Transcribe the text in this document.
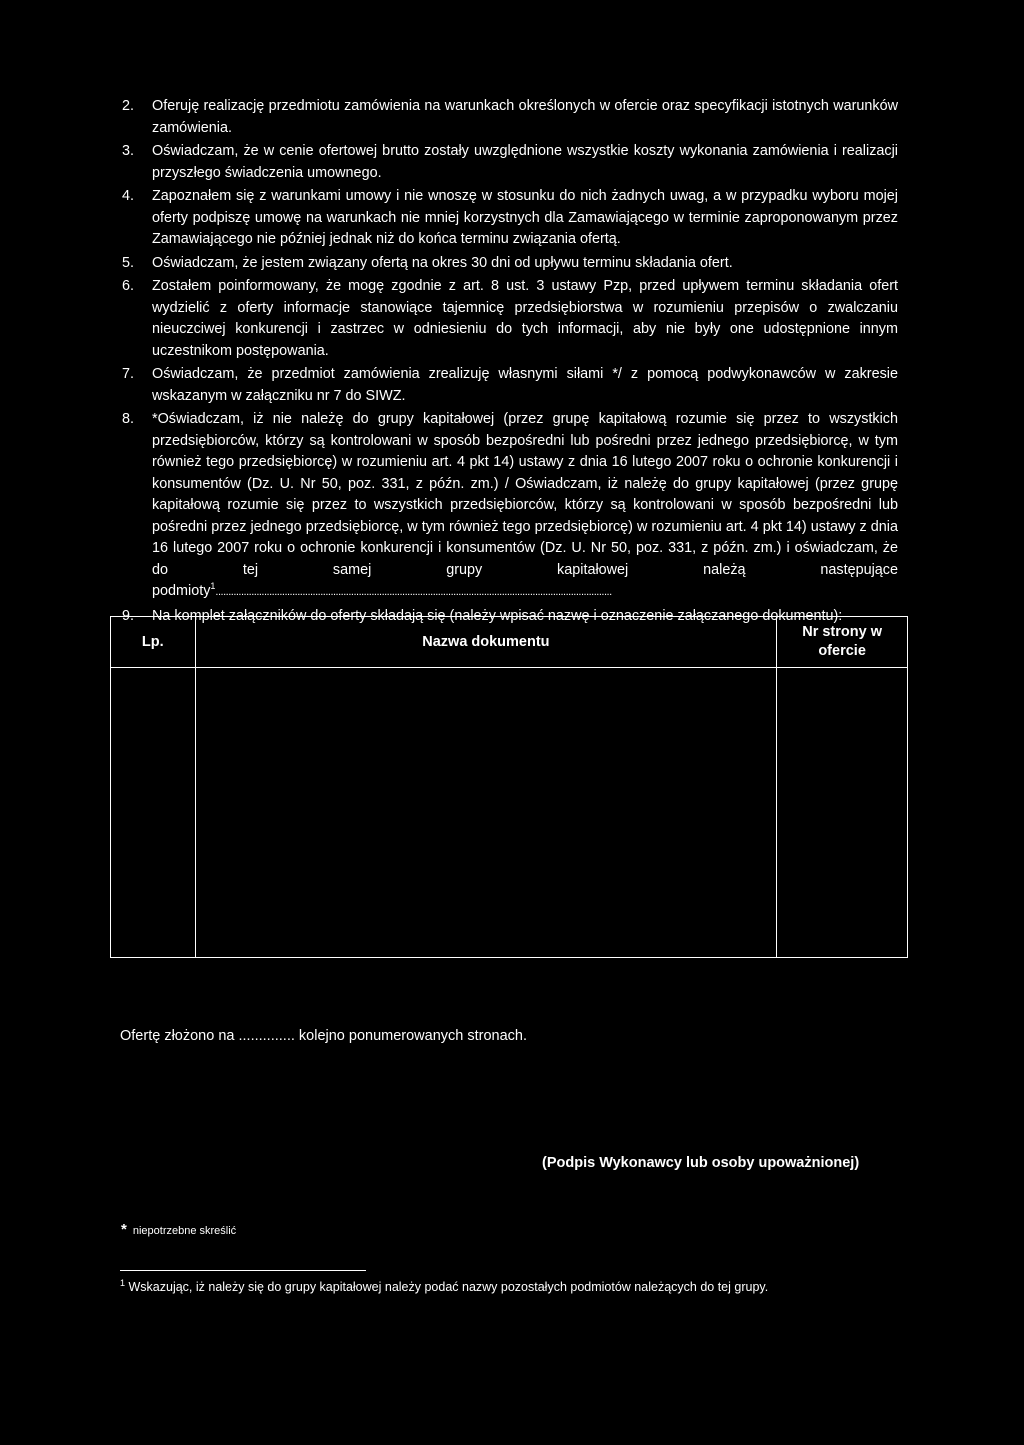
2. Oferuję realizację przedmiotu zamówienia na warunkach określonych w ofercie oraz specyfikacji istotnych warunków zamówienia.
3. Oświadczam, że w cenie ofertowej brutto zostały uwzględnione wszystkie koszty wykonania zamówienia i realizacji przyszłego świadczenia umownego.
4. Zapoznałem się z warunkami umowy i nie wnoszę w stosunku do nich żadnych uwag, a w przypadku wyboru mojej oferty podpiszę umowę na warunkach nie mniej korzystnych dla Zamawiającego w terminie zaproponowanym przez Zamawiającego nie później jednak niż do końca terminu związania ofertą.
5. Oświadczam, że jestem związany ofertą na okres 30 dni od upływu terminu składania ofert.
6. Zostałem poinformowany, że mogę zgodnie z art. 8 ust. 3 ustawy Pzp, przed upływem terminu składania ofert wydzielić z oferty informacje stanowiące tajemnicę przedsiębiorstwa w rozumieniu przepisów o zwalczaniu nieuczciwej konkurencji i zastrzec w odniesieniu do tych informacji, aby nie były one udostępnione innym uczestnikom postępowania.
7. Oświadczam, że przedmiot zamówienia zrealizuję własnymi siłami */ z pomocą podwykonawców w zakresie wskazanym w załączniku nr 7 do SIWZ.
8. *Oświadczam, iż nie należę do grupy kapitałowej (przez grupę kapitałową rozumie się przez to wszystkich przedsiębiorców, którzy są kontrolowani w sposób bezpośredni lub pośredni przez jednego przedsiębiorcę, w tym również tego przedsiębiorcę) w rozumieniu art. 4 pkt 14) ustawy z dnia 16 lutego 2007 roku o ochronie konkurencji i konsumentów (Dz. U. Nr 50, poz. 331, z późn. zm.) / Oświadczam, iż należę do grupy kapitałowej (przez grupę kapitałową rozumie się przez to wszystkich przedsiębiorców, którzy są kontrolowani w sposób bezpośredni lub pośredni przez jednego przedsiębiorcę, w tym również tego przedsiębiorcę) w rozumieniu art. 4 pkt 14) ustawy z dnia 16 lutego 2007 roku o ochronie konkurencji i konsumentów (Dz. U. Nr 50, poz. 331, z późn. zm.) i oświadczam, że do tej samej grupy kapitałowej należą następujące podmioty$^1$...........................................................................................................................................................
9. Na komplet załączników do oferty składają się (należy wpisać nazwę i oznaczenie załączanego dokumentu):
Lp.	Nazwa dokumentu	Nr strony w ofercie

Ofertę złożono na .............. kolejno ponumerowanych stronach.
(Podpis Wykonawcy lub osoby upoważnionej)
* niepotrzebne skreślić
$^1$ Wskazując, iż należy się do grupy kapitałowej należy podać nazwy pozostałych podmiotów należących do tej grupy.
